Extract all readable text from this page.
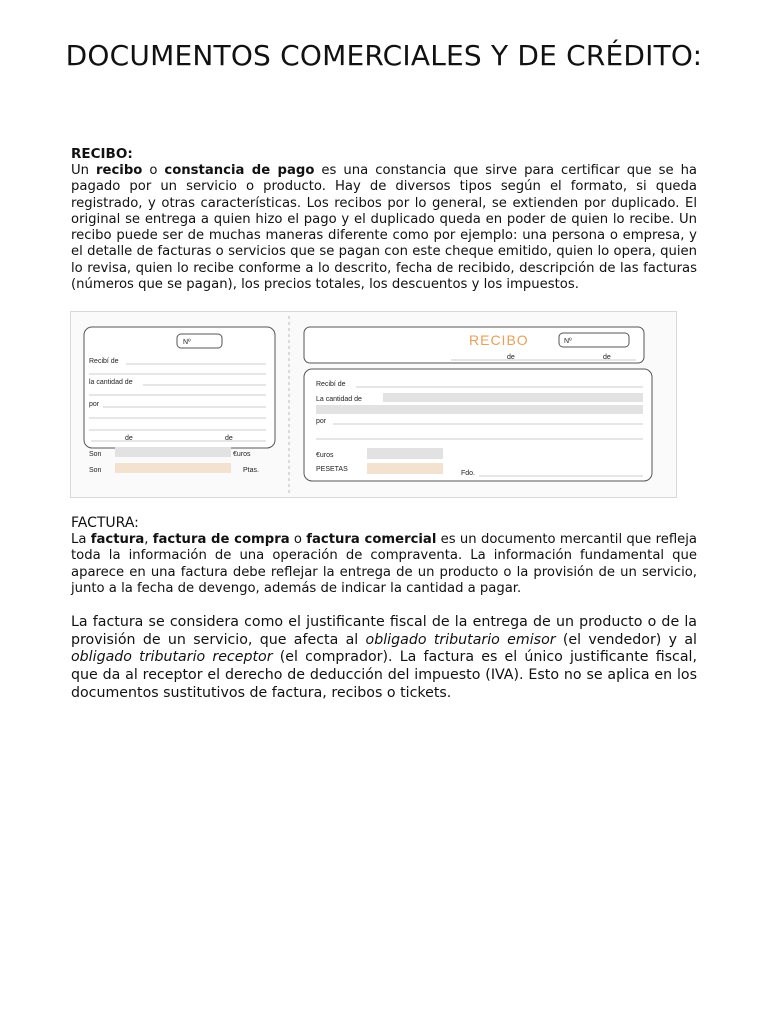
DOCUMENTOS COMERCIALES Y DE CRÉDITO:

RECIBO:

Un recibo o constancia de pago es una constancia que sirve para certificar que se ha pagado por un servicio o producto. Hay de diversos tipos según el formato, si queda registrado, y otras características. Los recibos por lo general, se extienden por duplicado. El original se entrega a quien hizo el pago y el duplicado queda en poder de quien lo recibe. Un recibo puede ser de muchas maneras diferente como por ejemplo: una persona o empresa, y el detalle de facturas o servicios que se pagan con este cheque emitido, quien lo opera, quien lo revisa, quien lo recibe conforme a lo descrito, fecha de recibido, descripción de las facturas (números que se pagan), los precios totales, los descuentos y los impuestos.

Nº
Recibí de
la cantidad de
por
de	de
Son	€uros
Son	Ptas.
RECIBO	Nº
de	de
Recibí de
La cantidad de
por
€uros
PESETAS
Fdo.

FACTURA:

La factura, factura de compra o factura comercial es un documento mercantil que refleja toda la información de una operación de compraventa. La información fundamental que aparece en una factura debe reflejar la entrega de un producto o la provisión de un servicio, junto a la fecha de devengo, además de indicar la cantidad a pagar.

La factura se considera como el justificante fiscal de la entrega de un producto o de la provisión de un servicio, que afecta al obligado tributario emisor (el vendedor) y al obligado tributario receptor (el comprador). La factura es el único justificante fiscal, que da al receptor el derecho de deducción del impuesto (IVA). Esto no se aplica en los documentos sustitutivos de factura, recibos o tickets.
